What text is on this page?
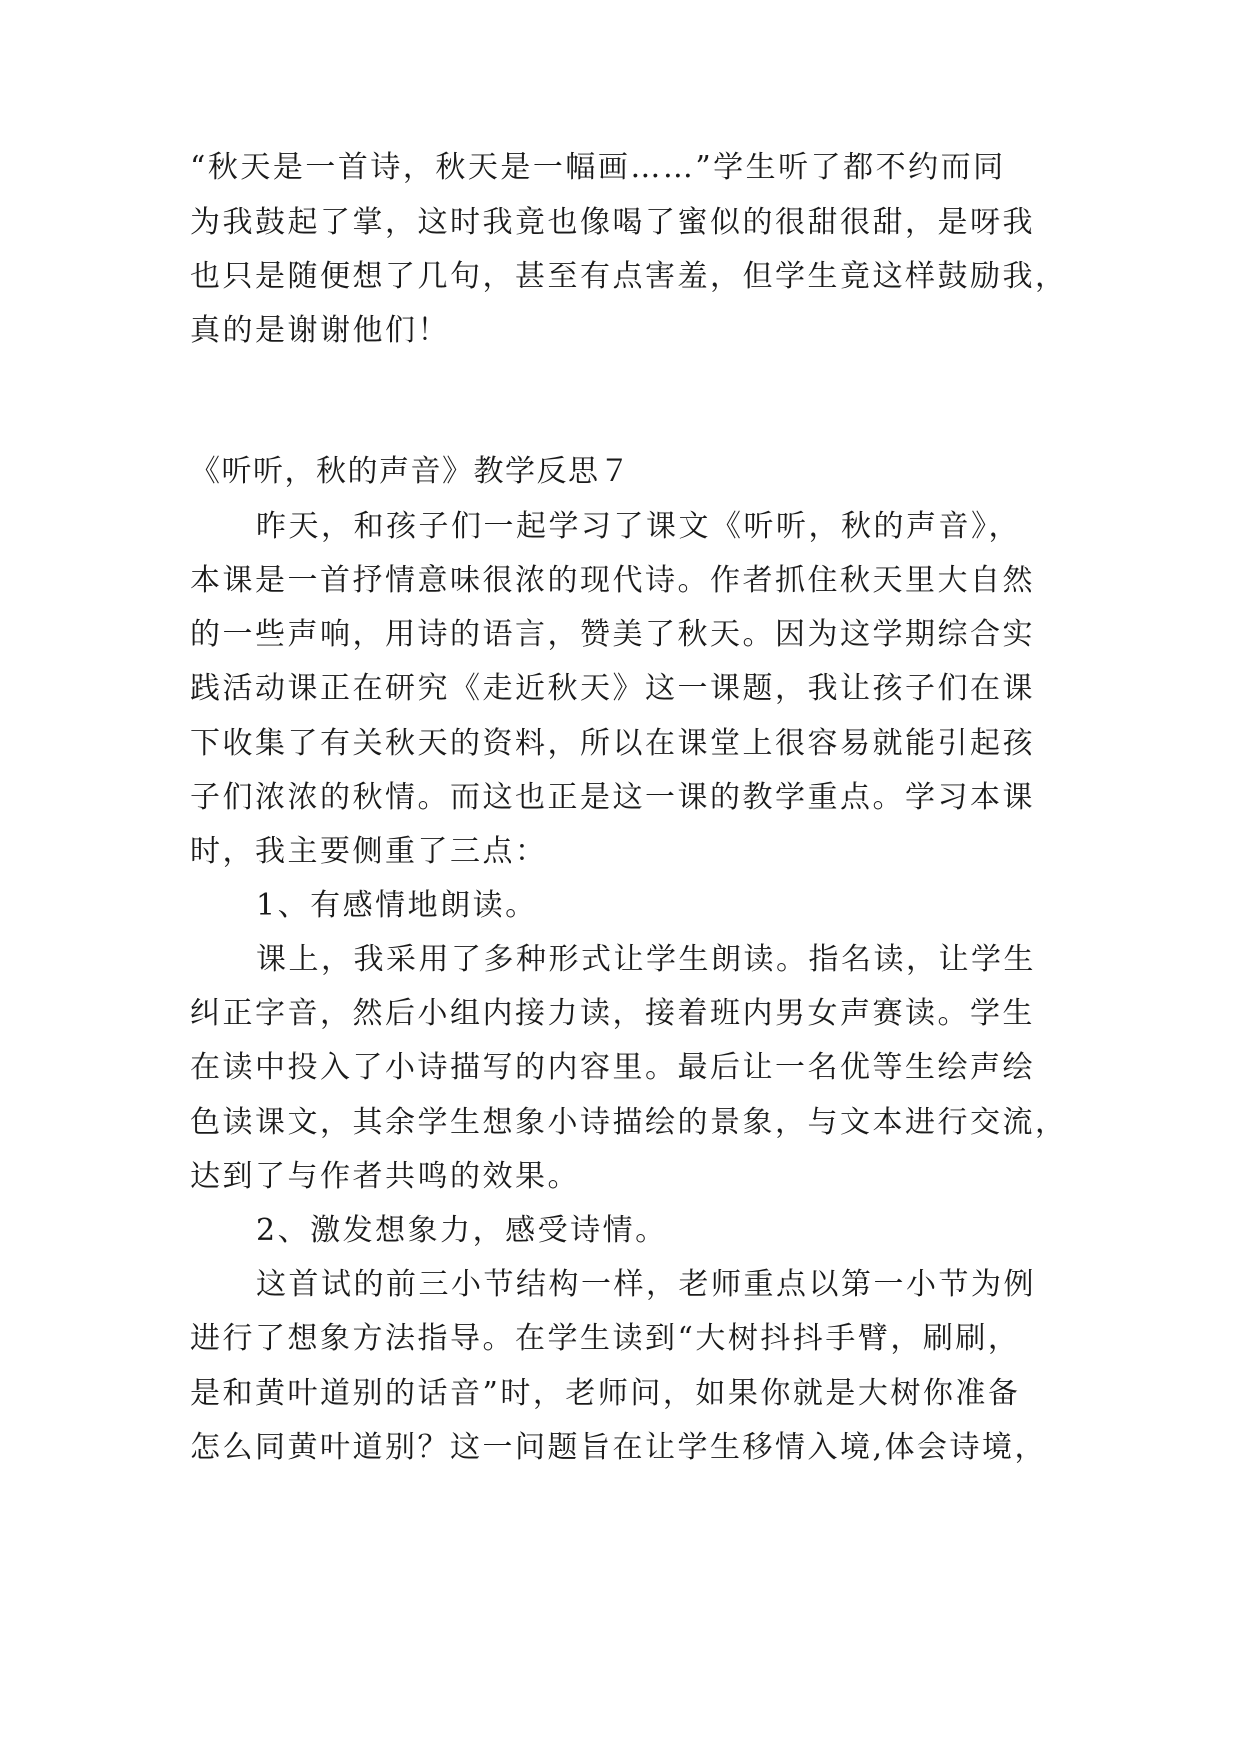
“秋天是一首诗，秋天是一幅画……”学生听了都不约而同
为我鼓起了掌，这时我竟也像喝了蜜似的很甜很甜，是呀我
也只是随便想了几句，甚至有点害羞，但学生竟这样鼓励我，
真的是谢谢他们！
《听听，秋的声音》教学反思７
昨天，和孩子们一起学习了课文《听听，秋的声音》，
本课是一首抒情意味很浓的现代诗。作者抓住秋天里大自然
的一些声响，用诗的语言，赞美了秋天。因为这学期综合实
践活动课正在研究《走近秋天》这一课题，我让孩子们在课
下收集了有关秋天的资料，所以在课堂上很容易就能引起孩
子们浓浓的秋情。而这也正是这一课的教学重点。学习本课
时，我主要侧重了三点：
1、有感情地朗读。
课上，我采用了多种形式让学生朗读。指名读，让学生
纠正字音，然后小组内接力读，接着班内男女声赛读。学生
在读中投入了小诗描写的内容里。最后让一名优等生绘声绘
色读课文，其余学生想象小诗描绘的景象，与文本进行交流，
达到了与作者共鸣的效果。
2、激发想象力，感受诗情。
这首试的前三小节结构一样，老师重点以第一小节为例
进行了想象方法指导。在学生读到“大树抖抖手臂，刷刷，
是和黄叶道别的话音”时，老师问，如果你就是大树你准备
怎么同黄叶道别？这一问题旨在让学生移情入境,体会诗境，
